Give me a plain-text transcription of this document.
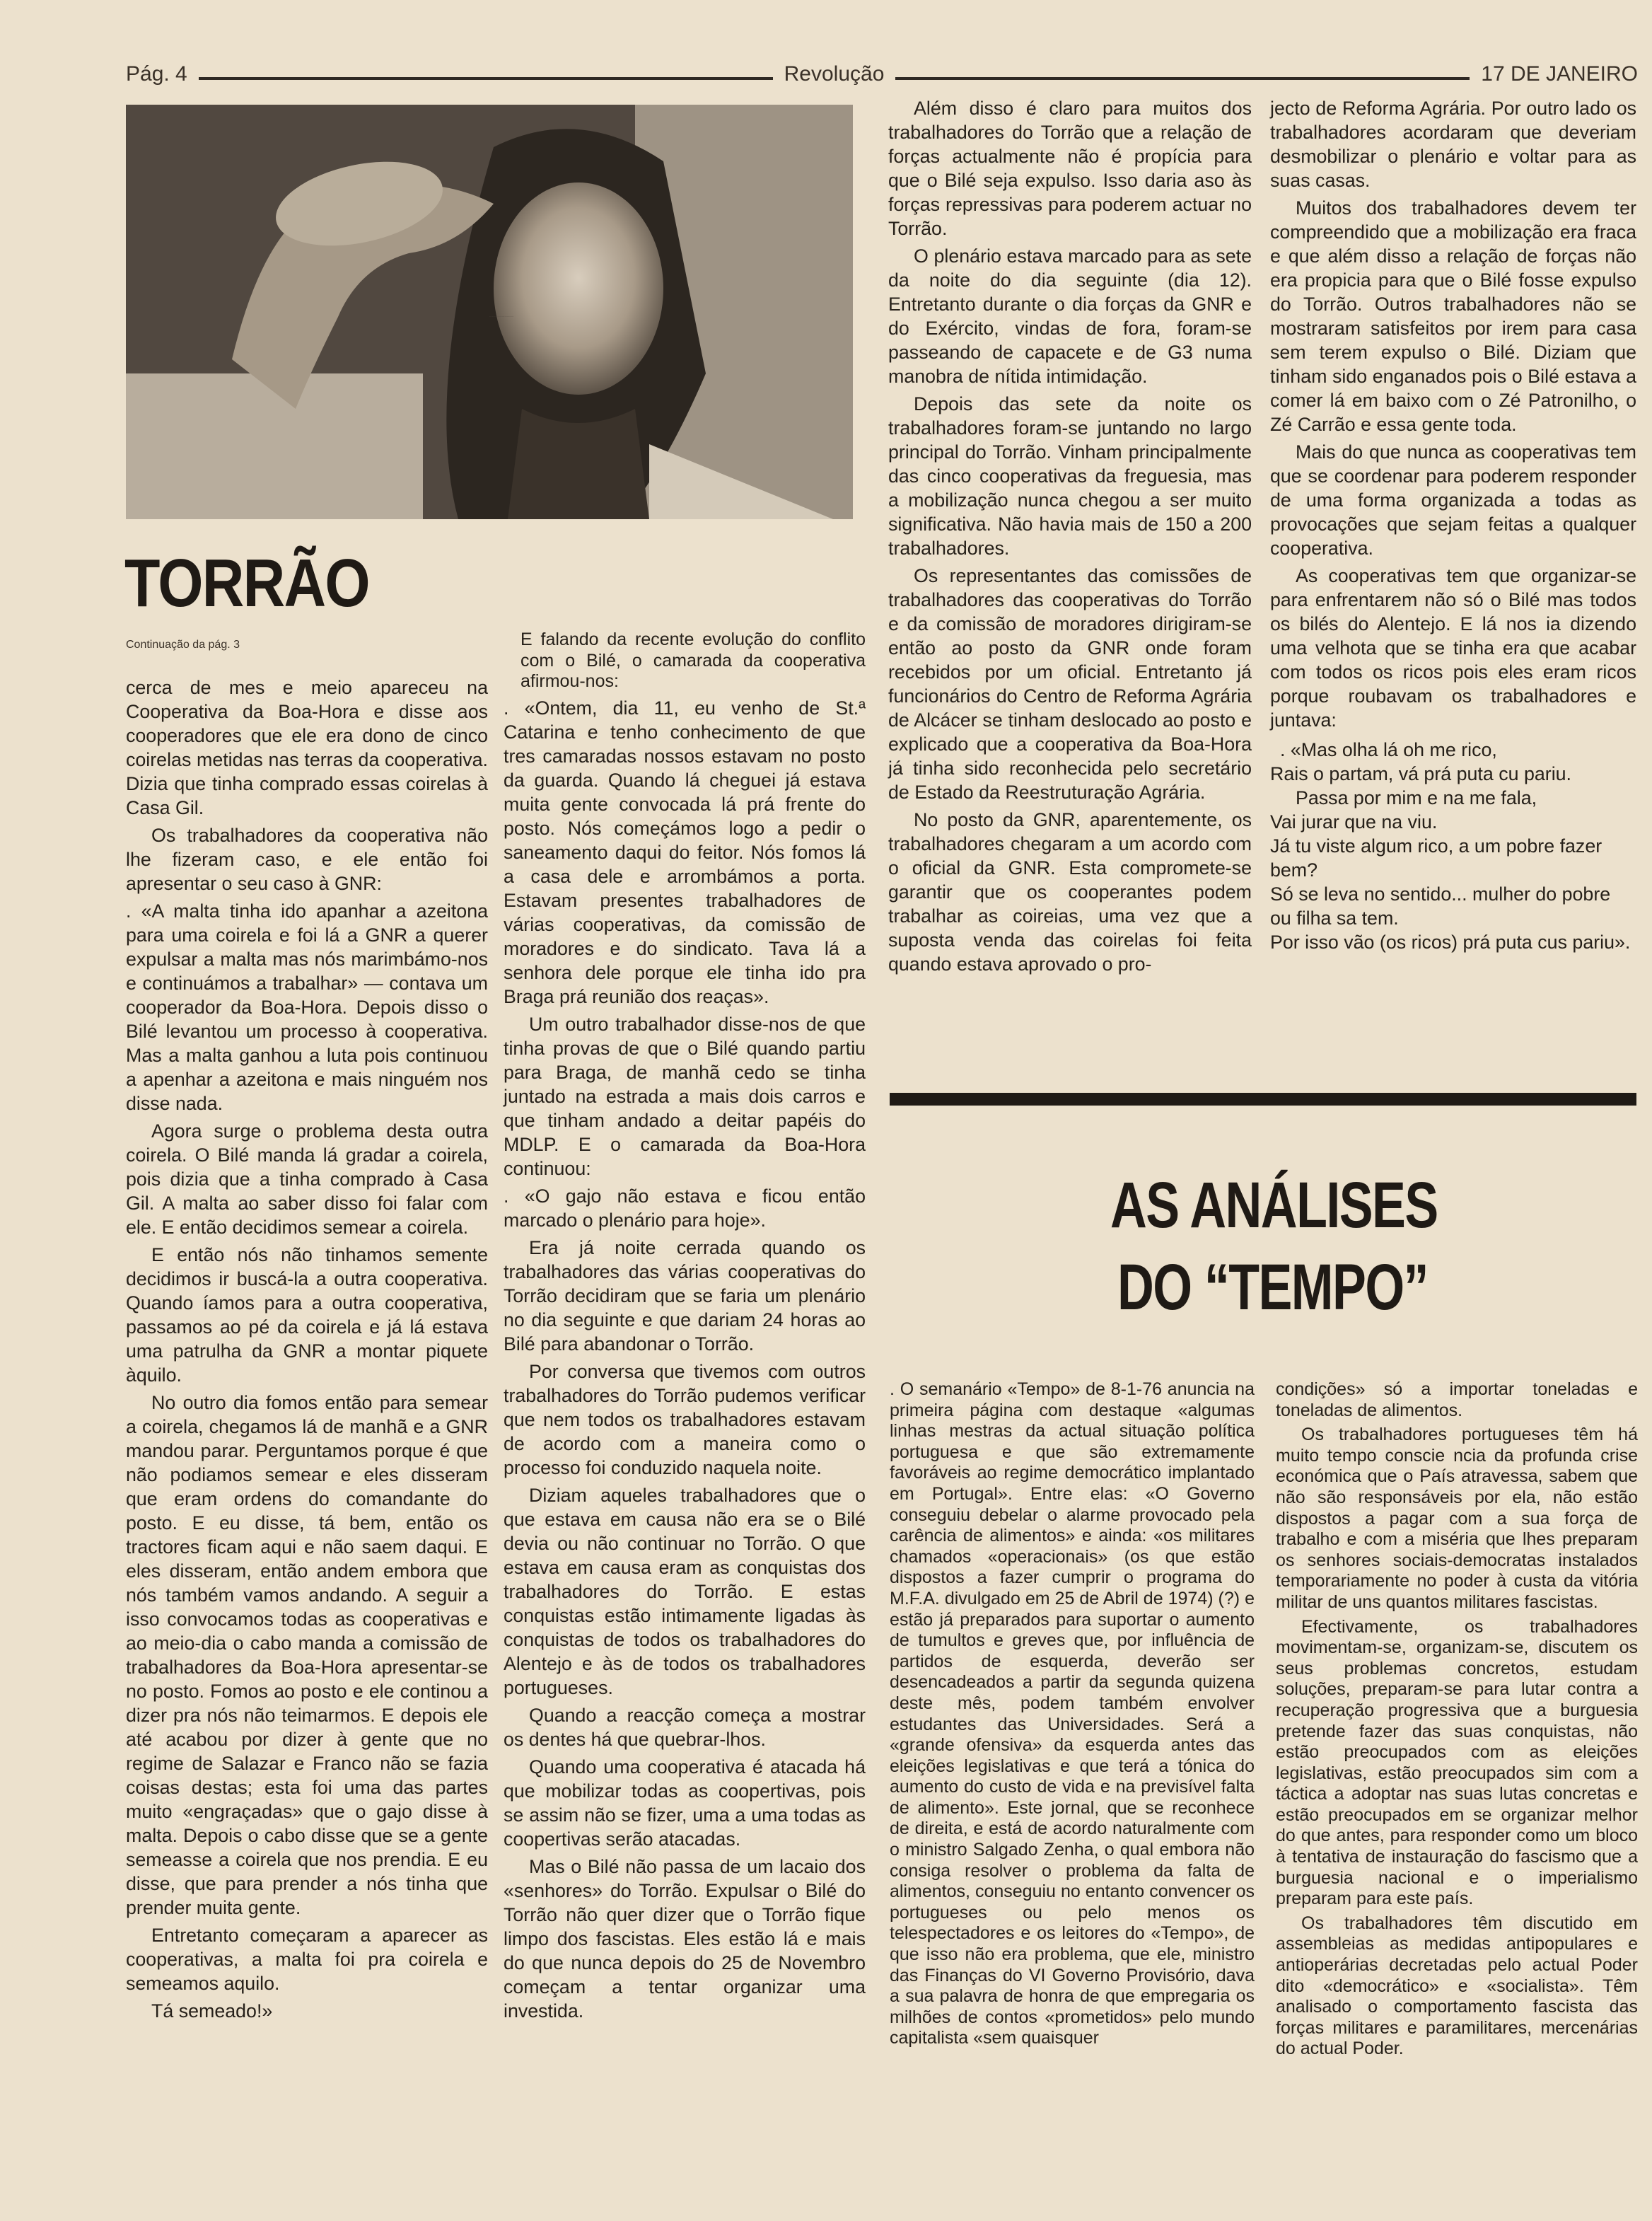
Pág. 4	Revolução	17 DE JANEIRO
photo of an elderly woman wearing a headscarf, hand raised to her forehead
TORRÃO
Continuação da pág. 3

cerca de mes e meio apareceu na Cooperativa da Boa-Hora e disse aos cooperadores que ele era dono de cinco coirelas metidas nas terras da cooperativa. Dizia que tinha comprado essas coirelas à Casa Gil.

Os trabalhadores da cooperativa não lhe fizeram caso, e ele então foi apresentar o seu caso à GNR:

. «A malta tinha ido apanhar a azeitona para uma coirela e foi lá a GNR a querer expulsar a malta mas nós marimbámo-nos e continuámos a trabalhar» — contava um cooperador da Boa-Hora. Depois disso o Bilé levantou um processo à cooperativa. Mas a malta ganhou a luta pois continuou a apenhar a azeitona e mais ninguém nos disse nada.

Agora surge o problema desta outra coirela. O Bilé manda lá gradar a coirela, pois dizia que a tinha comprado à Casa Gil. A malta ao saber disso foi falar com ele. E então decidimos semear a coirela.

E então nós não tinhamos semente decidimos ir buscá-la a outra cooperativa. Quando íamos para a outra cooperativa, passamos ao pé da coirela e já lá estava uma patrulha da GNR a montar piquete àquilo.

No outro dia fomos então para semear a coirela, chegamos lá de manhã e a GNR mandou parar. Perguntamos porque é que não podiamos semear e eles disseram que eram ordens do comandante do posto. E eu disse, tá bem, então os tractores ficam aqui e não saem daqui. E eles disseram, então andem embora que nós também vamos andando. A seguir a isso convocamos todas as cooperativas e ao meio-dia o cabo manda a comissão de trabalhadores da Boa-Hora apresentar-se no posto. Fomos ao posto e ele continou a dizer pra nós não teimarmos. E depois ele até acabou por dizer à gente que no regime de Salazar e Franco não se fazia coisas destas; esta foi uma das partes muito «engraçadas» que o gajo disse à malta. Depois o cabo disse que se a gente semeasse a coirela que nos prendia. E eu disse, que para prender a nós tinha que prender muita gente.

Entretanto começaram a aparecer as cooperativas, a malta foi pra coirela e semeamos aquilo.

Tá semeado!»

E falando da recente evolução do conflito com o Bilé, o camarada da cooperativa afirmou-nos:

. «Ontem, dia 11, eu venho de St.ª Catarina e tenho conhecimento de que tres camaradas nossos estavam no posto da guarda. Quando lá cheguei já estava muita gente convocada lá prá frente do posto. Nós começámos logo a pedir o saneamento daqui do feitor. Nós fomos lá a casa dele e arrombámos a porta. Estavam presentes trabalhadores de várias cooperativas, da comissão de moradores e do sindicato. Tava lá a senhora dele porque ele tinha ido pra Braga prá reunião dos reaças».

Um outro trabalhador disse-nos de que tinha provas de que o Bilé quando partiu para Braga, de manhã cedo se tinha juntado na estrada a mais dois carros e que tinham andado a deitar papéis do MDLP. E o camarada da Boa-Hora continuou:

. «O gajo não estava e ficou então marcado o plenário para hoje».

Era já noite cerrada quando os trabalhadores das várias cooperativas do Torrão decidiram que se faria um plenário no dia seguinte e que dariam 24 horas ao Bilé para abandonar o Torrão.

Por conversa que tivemos com outros trabalhadores do Torrão pudemos verificar que nem todos os trabalhadores estavam de acordo com a maneira como o processo foi conduzido naquela noite.

Diziam aqueles trabalhadores que o que estava em causa não era se o Bilé devia ou não continuar no Torrão. O que estava em causa eram as conquistas dos trabalhadores do Torrão. E estas conquistas estão intimamente ligadas às conquistas de todos os trabalhadores do Alentejo e às de todos os trabalhadores portugueses.

Quando a reacção começa a mostrar os dentes há que quebrar-lhos.

Quando uma cooperativa é atacada há que mobilizar todas as coopertivas, pois se assim não se fizer, uma a uma todas as coopertivas serão atacadas.

Mas o Bilé não passa de um lacaio dos «senhores» do Torrão. Expulsar o Bilé do Torrão não quer dizer que o Torrão fique limpo dos fascistas. Eles estão lá e mais do que nunca depois do 25 de Novembro começam a tentar organizar uma investida.

Além disso é claro para muitos dos trabalhadores do Torrão que a relação de forças actualmente não é propícia para que o Bilé seja expulso. Isso daria aso às forças repressivas para poderem actuar no Torrão.

O plenário estava marcado para as sete da noite do dia seguinte (dia 12). Entretanto durante o dia forças da GNR e do Exército, vindas de fora, foram-se passeando de capacete e de G3 numa manobra de nítida intimidação.

Depois das sete da noite os trabalhadores foram-se juntando no largo principal do Torrão. Vinham principalmente das cinco cooperativas da freguesia, mas a mobilização nunca chegou a ser muito significativa. Não havia mais de 150 a 200 trabalhadores.

Os representantes das comissões de trabalhadores das cooperativas do Torrão e da comissão de moradores dirigiram-se então ao posto da GNR onde foram recebidos por um oficial. Entretanto já funcionários do Centro de Reforma Agrária de Alcácer se tinham deslocado ao posto e explicado que a cooperativa da Boa-Hora já tinha sido reconhecida pelo secretário de Estado da Reestruturação Agrária.

No posto da GNR, aparentemente, os trabalhadores chegaram a um acordo com o oficial da GNR. Esta compromete-se garantir que os cooperantes podem trabalhar as coireias, uma vez que a suposta venda das coirelas foi feita quando estava aprovado o pro-

jecto de Reforma Agrária. Por outro lado os trabalhadores acordaram que deveriam desmobilizar o plenário e voltar para as suas casas.

Muitos dos trabalhadores devem ter compreendido que a mobilização era fraca e que além disso a relação de forças não era propicia para que o Bilé fosse expulso do Torrão. Outros trabalhadores não se mostraram satisfeitos por irem para casa sem terem expulso o Bilé. Diziam que tinham sido enganados pois o Bilé estava a comer lá em baixo com o Zé Patronilho, o Zé Carrão e essa gente toda.

Mais do que nunca as cooperativas tem que se coordenar para poderem responder de uma forma organizada a todas as provocações que sejam feitas a qualquer cooperativa.

As cooperativas tem que organizar-se para enfrentarem não só o Bilé mas todos os bilés do Alentejo. E lá nos ia dizendo uma velhota que se tinha era que acabar com todos os ricos pois eles eram ricos porque roubavam os trabalhadores e juntava:

. «Mas olha lá oh me rico,
Rais o partam, vá prá puta cu pariu.
Passa por mim e na me fala,
Vai jurar que na viu.
Já tu viste algum rico, a um pobre fazer bem?
Só se leva no sentido... mulher do pobre ou filha sa tem.
Por isso vão (os ricos) prá puta cus pariu».
AS ANÁLISES
DO “TEMPO”

. O semanário «Tempo» de 8-1-76 anuncia na primeira página com destaque «algumas linhas mestras da actual situação política portuguesa e que são extremamente favoráveis ao regime democrático implantado em Portugal». Entre elas: «O Governo conseguiu debelar o alarme provocado pela carência de alimentos» e ainda: «os militares chamados «operacionais» (os que estão dispostos a fazer cumprir o programa do M.F.A. divulgado em 25 de Abril de 1974) (?) e estão já preparados para suportar o aumento de tumultos e greves que, por influência de partidos de esquerda, deverão ser desencadeados a partir da segunda quizena deste mês, podem também envolver estudantes das Universidades. Será a «grande ofensiva» da esquerda antes das eleições legislativas e que terá a tónica do aumento do custo de vida e na previsível falta de alimento». Este jornal, que se reconhece de direita, e está de acordo naturalmente com o ministro Salgado Zenha, o qual embora não consiga resolver o problema da falta de alimentos, conseguiu no entanto convencer os portugueses ou pelo menos os telespectadores e os leitores do «Tempo», de que isso não era problema, que ele, ministro das Finanças do VI Governo Provisório, dava a sua palavra de honra de que empregaria os milhões de contos «prometidos» pelo mundo capitalista «sem quaisquer

condições» só a importar toneladas e toneladas de alimentos.

Os trabalhadores portugueses têm há muito tempo conscie ncia da profunda crise económica que o País atravessa, sabem que não são responsáveis por ela, não estão dispostos a pagar com a sua força de trabalho e com a miséria que lhes preparam os senhores sociais-democratas instalados temporariamente no poder à custa da vitória militar de uns quantos militares fascistas.

Efectivamente, os trabalhadores movimentam-se, organizam-se, discutem os seus problemas concretos, estudam soluções, preparam-se para lutar contra a recuperação progressiva que a burguesia pretende fazer das suas conquistas, não estão preocupados com as eleições legislativas, estão preocupados sim com a táctica a adoptar nas suas lutas concretas e estão preocupados em se organizar melhor do que antes, para responder como um bloco à tentativa de instauração do fascismo que a burguesia nacional e o imperialismo preparam para este país.

Os trabalhadores têm discutido em assembleias as medidas antipopulares e antioperárias decretadas pelo actual Poder dito «democrático» e «socialista». Têm analisado o comportamento fascista das forças militares e paramilitares, mercenárias do actual Poder.
